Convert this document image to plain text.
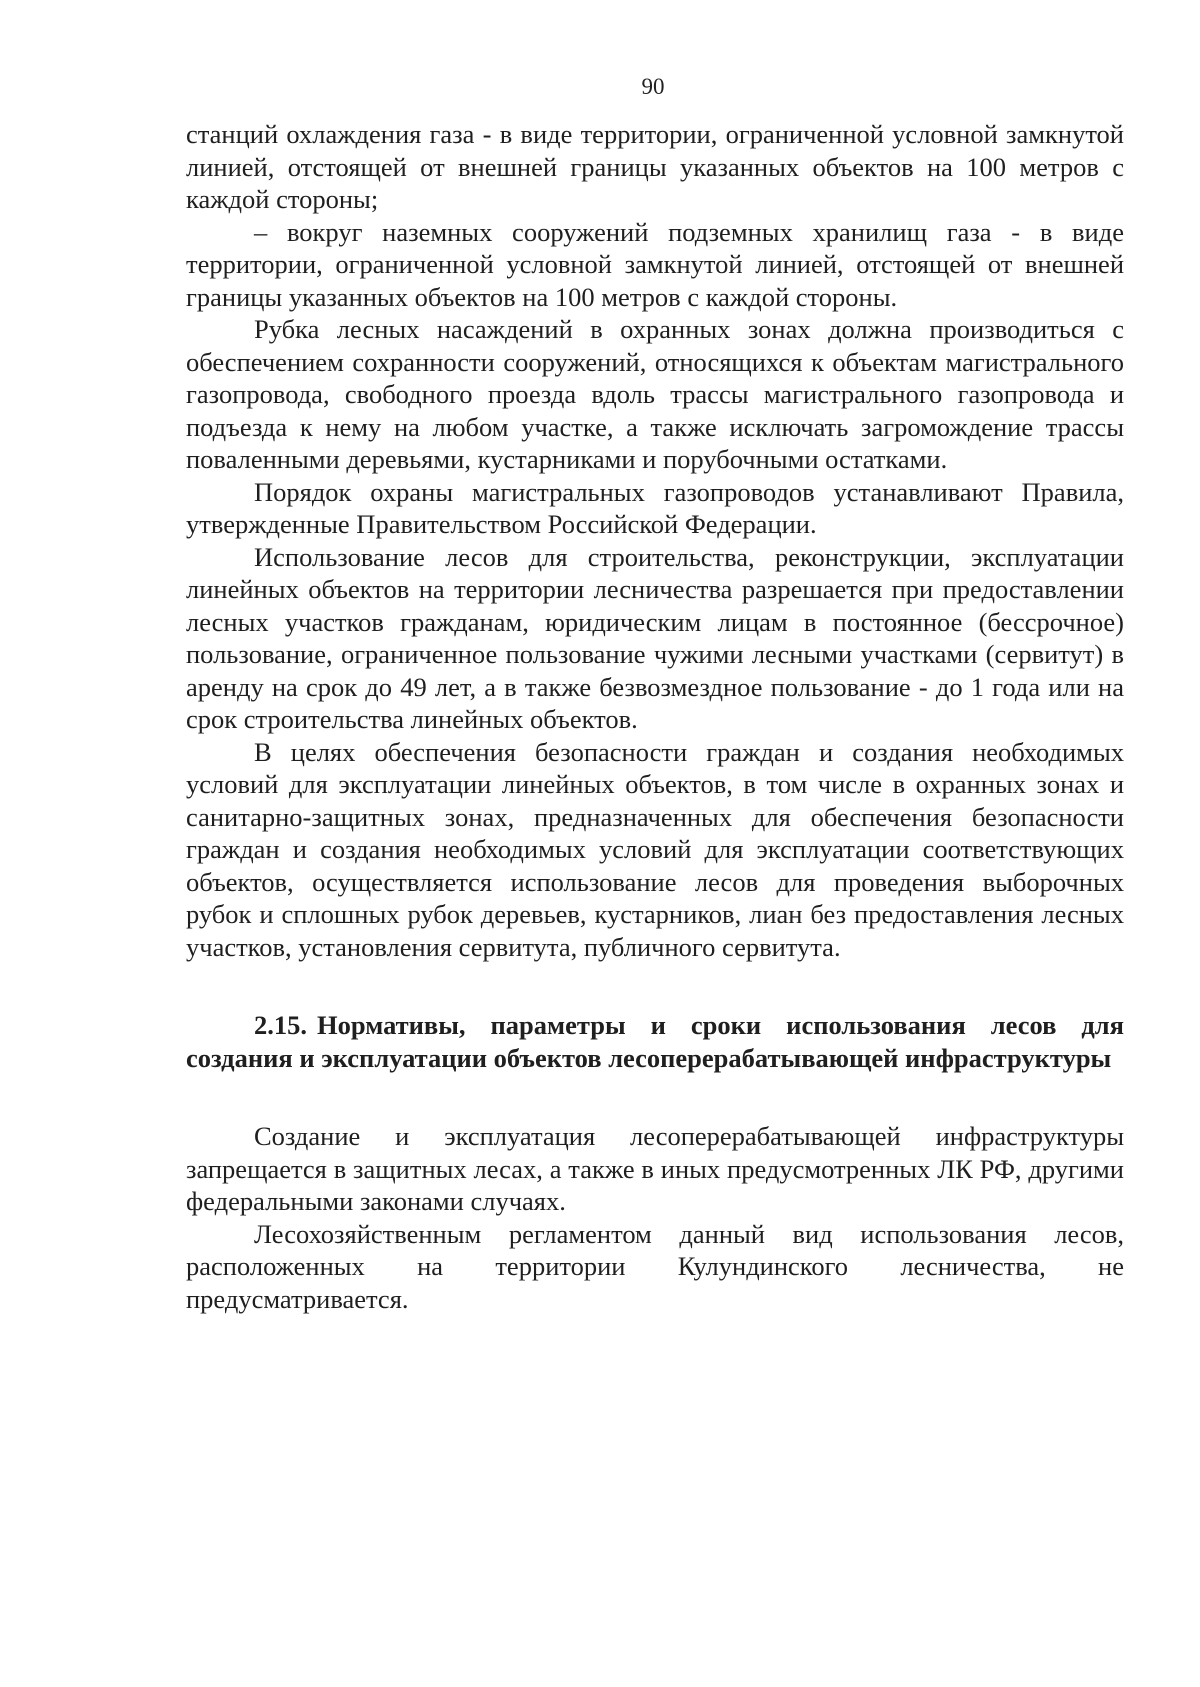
90

станций охлаждения газа - в виде территории, ограниченной условной замкнутой линией, отстоящей от внешней границы указанных объектов на 100 метров с каждой стороны;

– вокруг наземных сооружений подземных хранилищ газа - в виде территории, ограниченной условной замкнутой линией, отстоящей от внешней границы указанных объектов на 100 метров с каждой стороны.

Рубка лесных насаждений в охранных зонах должна производиться с обеспечением сохранности сооружений, относящихся к объектам магистрального газопровода, свободного проезда вдоль трассы магистрального газопровода и подъезда к нему на любом участке, а также исключать загромождение трассы поваленными деревьями, кустарниками и порубочными остатками.

Порядок охраны магистральных газопроводов устанавливают Правила, утвержденные Правительством Российской Федерации.

Использование лесов для строительства, реконструкции, эксплуатации линейных объектов на территории лесничества разрешается при предоставлении лесных участков гражданам, юридическим лицам в постоянное (бессрочное) пользование, ограниченное пользование чужими лесными участками (сервитут) в аренду на срок до 49 лет, а в также безвозмездное пользование - до 1 года или на срок строительства линейных объектов.

В целях обеспечения безопасности граждан и создания необходимых условий для эксплуатации линейных объектов, в том числе в охранных зонах и санитарно-защитных зонах, предназначенных для обеспечения безопасности граждан и создания необходимых условий для эксплуатации соответствующих объектов, осуществляется использование лесов для проведения выборочных рубок и сплошных рубок деревьев, кустарников, лиан без предоставления лесных участков, установления сервитута, публичного сервитута.

2.15. Нормативы, параметры и сроки использования лесов для создания и эксплуатации объектов лесоперерабатывающей инфраструктуры

Создание и эксплуатация лесоперерабатывающей инфраструктуры запрещается в защитных лесах, а также в иных предусмотренных ЛК РФ, другими федеральными законами случаях.

Лесохозяйственным регламентом данный вид использования лесов, расположенных на территории Кулундинского лесничества, не предусматривается.
